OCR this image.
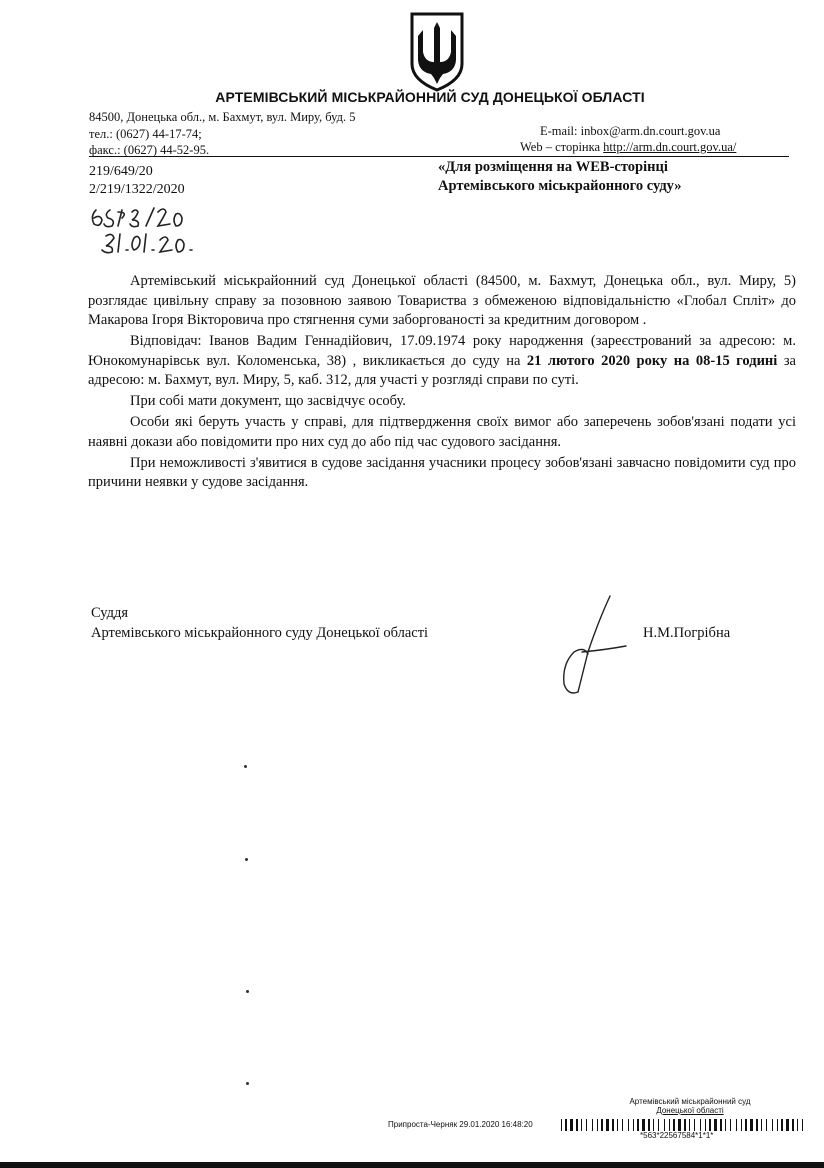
АРТЕМІВСЬКИЙ МІСЬКРАЙОННИЙ СУД ДОНЕЦЬКОЇ ОБЛАСТІ
84500, Донецька обл., м. Бахмут, вул. Миру, буд. 5
тел.: (0627) 44-17-74;
факс.: (0627) 44-52-95.
E-mail: inbox@arm.dn.court.gov.ua
Web – сторінка http://arm.dn.court.gov.ua/
219/649/20
2/219/1322/2020
«Для розміщення на WEB-сторінці
Артемівського міськрайонного суду»

Артемівський міськрайонний суд Донецької області (84500, м. Бахмут, Донецька обл., вул. Миру, 5) розглядає цивільну справу за позовною заявою Товариства з обмеженою відповідальністю «Глобал Спліт» до Макарова Ігоря Вікторовича про стягнення суми заборгованості за кредитним договором .

Відповідач: Іванов Вадим Геннадійович, 17.09.1974 року народження (зареєстрований за адресою: м. Юнокомунарівськ вул. Коломенська, 38) , викликається до суду на 21 лютого 2020 року на 08-15 годині за адресою: м. Бахмут, вул. Миру, 5, каб. 312, для участі у розгляді справи по суті.

При собі мати документ, що засвідчує особу.

Особи які беруть участь у справі, для підтвердження своїх вимог або заперечень зобов'язані подати усі наявні докази або повідомити про них суд до або під час судового засідання.

При неможливості з'явитися в судове засідання учасники процесу зобов'язані завчасно повідомити суд про причини неявки у судове засідання.

Суддя
Артемівського міськрайонного суду Донецької області	Н.М.Погрібна
Артемівський міськрайонний суд
Донецької області
Припроста-Черняк 29.01.2020 16:48:20
*563*22567584*1*1*
